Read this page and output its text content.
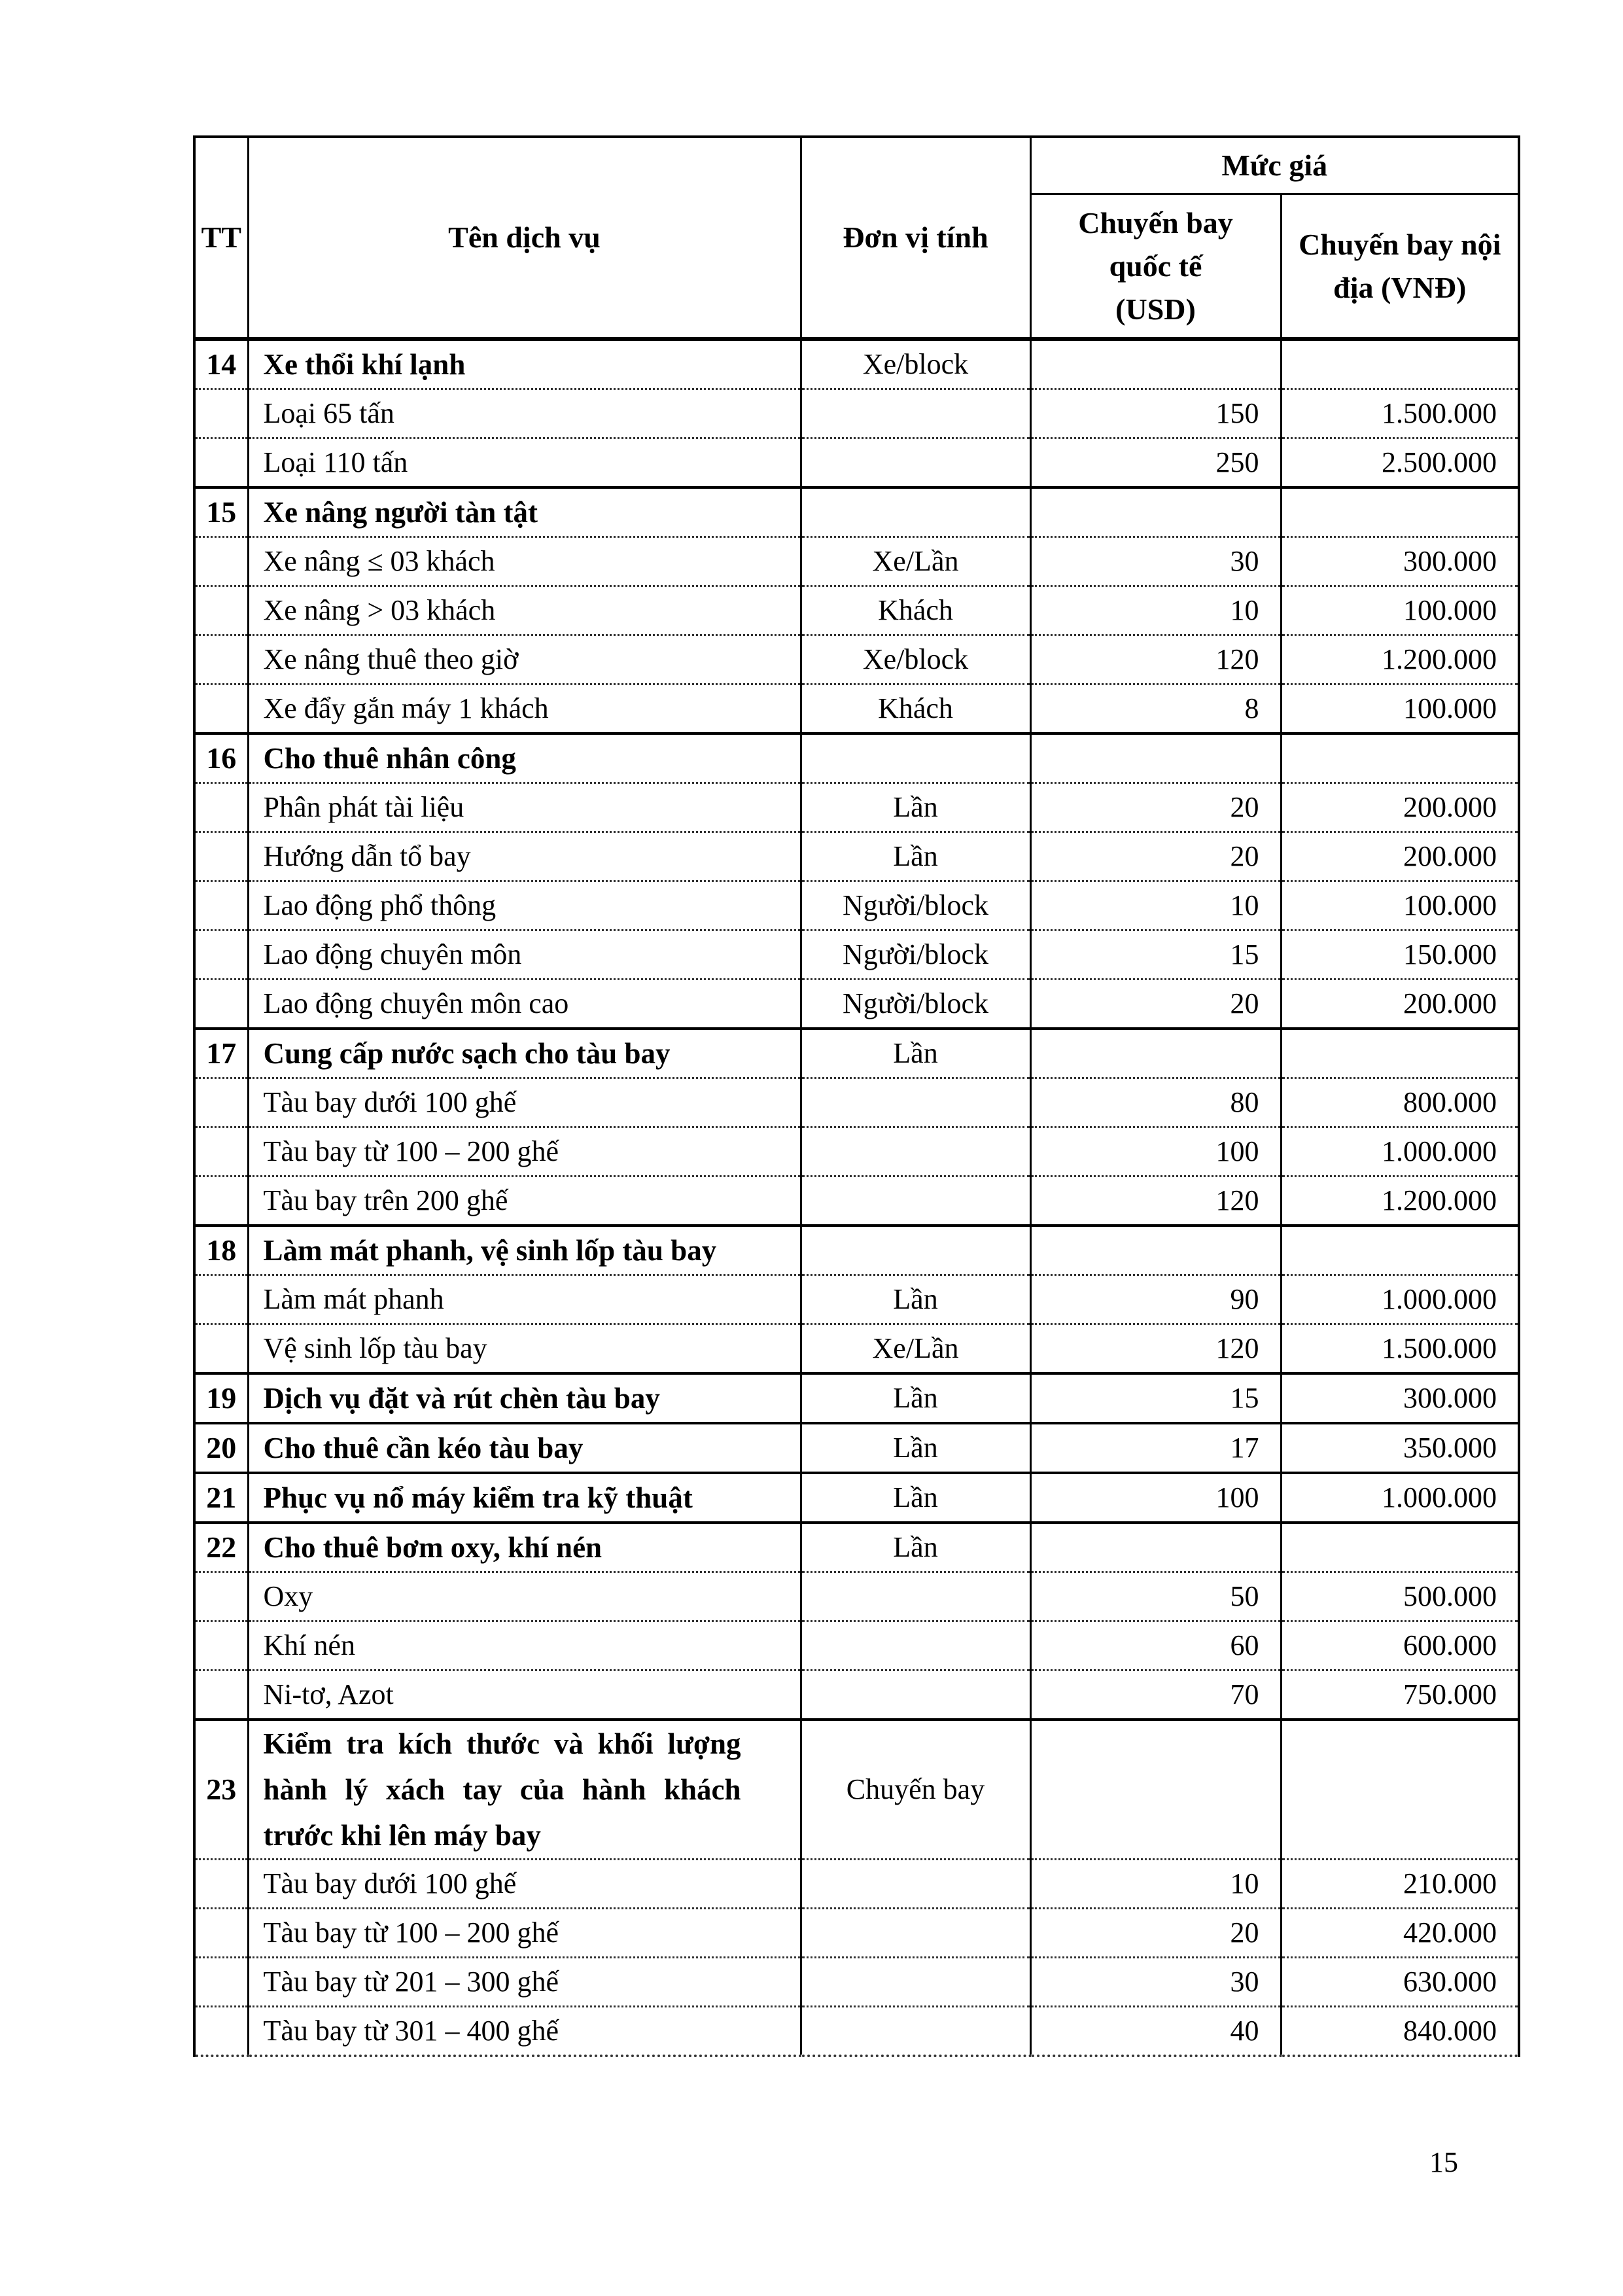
TT	Tên dịch vụ	Đơn vị tính	Mức giá	
			Chuyến bay quốc tế (USD)	Chuyến bay nội địa (VNĐ)
14	Xe thổi khí lạnh	Xe/block		
	Loại 65 tấn		150	1.500.000
	Loại 110 tấn		250	2.500.000
15	Xe nâng người tàn tật			
	Xe nâng ≤ 03 khách	Xe/Lần	30	300.000
	Xe nâng > 03 khách	Khách	10	100.000
	Xe nâng thuê theo giờ	Xe/block	120	1.200.000
	Xe đẩy gắn máy 1 khách	Khách	8	100.000
16	Cho thuê nhân công			
	Phân phát tài liệu	Lần	20	200.000
	Hướng dẫn tổ bay	Lần	20	200.000
	Lao động phổ thông	Người/block	10	100.000
	Lao động chuyên môn	Người/block	15	150.000
	Lao động chuyên môn cao	Người/block	20	200.000
17	Cung cấp nước sạch cho tàu bay	Lần		
	Tàu bay dưới 100 ghế		80	800.000
	Tàu bay từ 100 – 200 ghế		100	1.000.000
	Tàu bay trên 200 ghế		120	1.200.000
18	Làm mát phanh, vệ sinh lốp tàu bay			
	Làm mát phanh	Lần	90	1.000.000
	Vệ sinh lốp tàu bay	Xe/Lần	120	1.500.000
19	Dịch vụ đặt và rút chèn tàu bay	Lần	15	300.000
20	Cho thuê cần kéo tàu bay	Lần	17	350.000
21	Phục vụ nổ máy kiểm tra kỹ thuật	Lần	100	1.000.000
22	Cho thuê bơm oxy, khí nén	Lần		
	Oxy		50	500.000
	Khí nén		60	600.000
	Ni-tơ, Azot		70	750.000
23	Kiểm tra kích thước và khối lượng hành lý xách tay của hành khách trước khi lên máy bay	Chuyến bay		
	Tàu bay dưới 100 ghế		10	210.000
	Tàu bay từ 100 – 200 ghế		20	420.000
	Tàu bay từ 201 – 300 ghế		30	630.000
	Tàu bay từ 301 – 400 ghế		40	840.000
15
